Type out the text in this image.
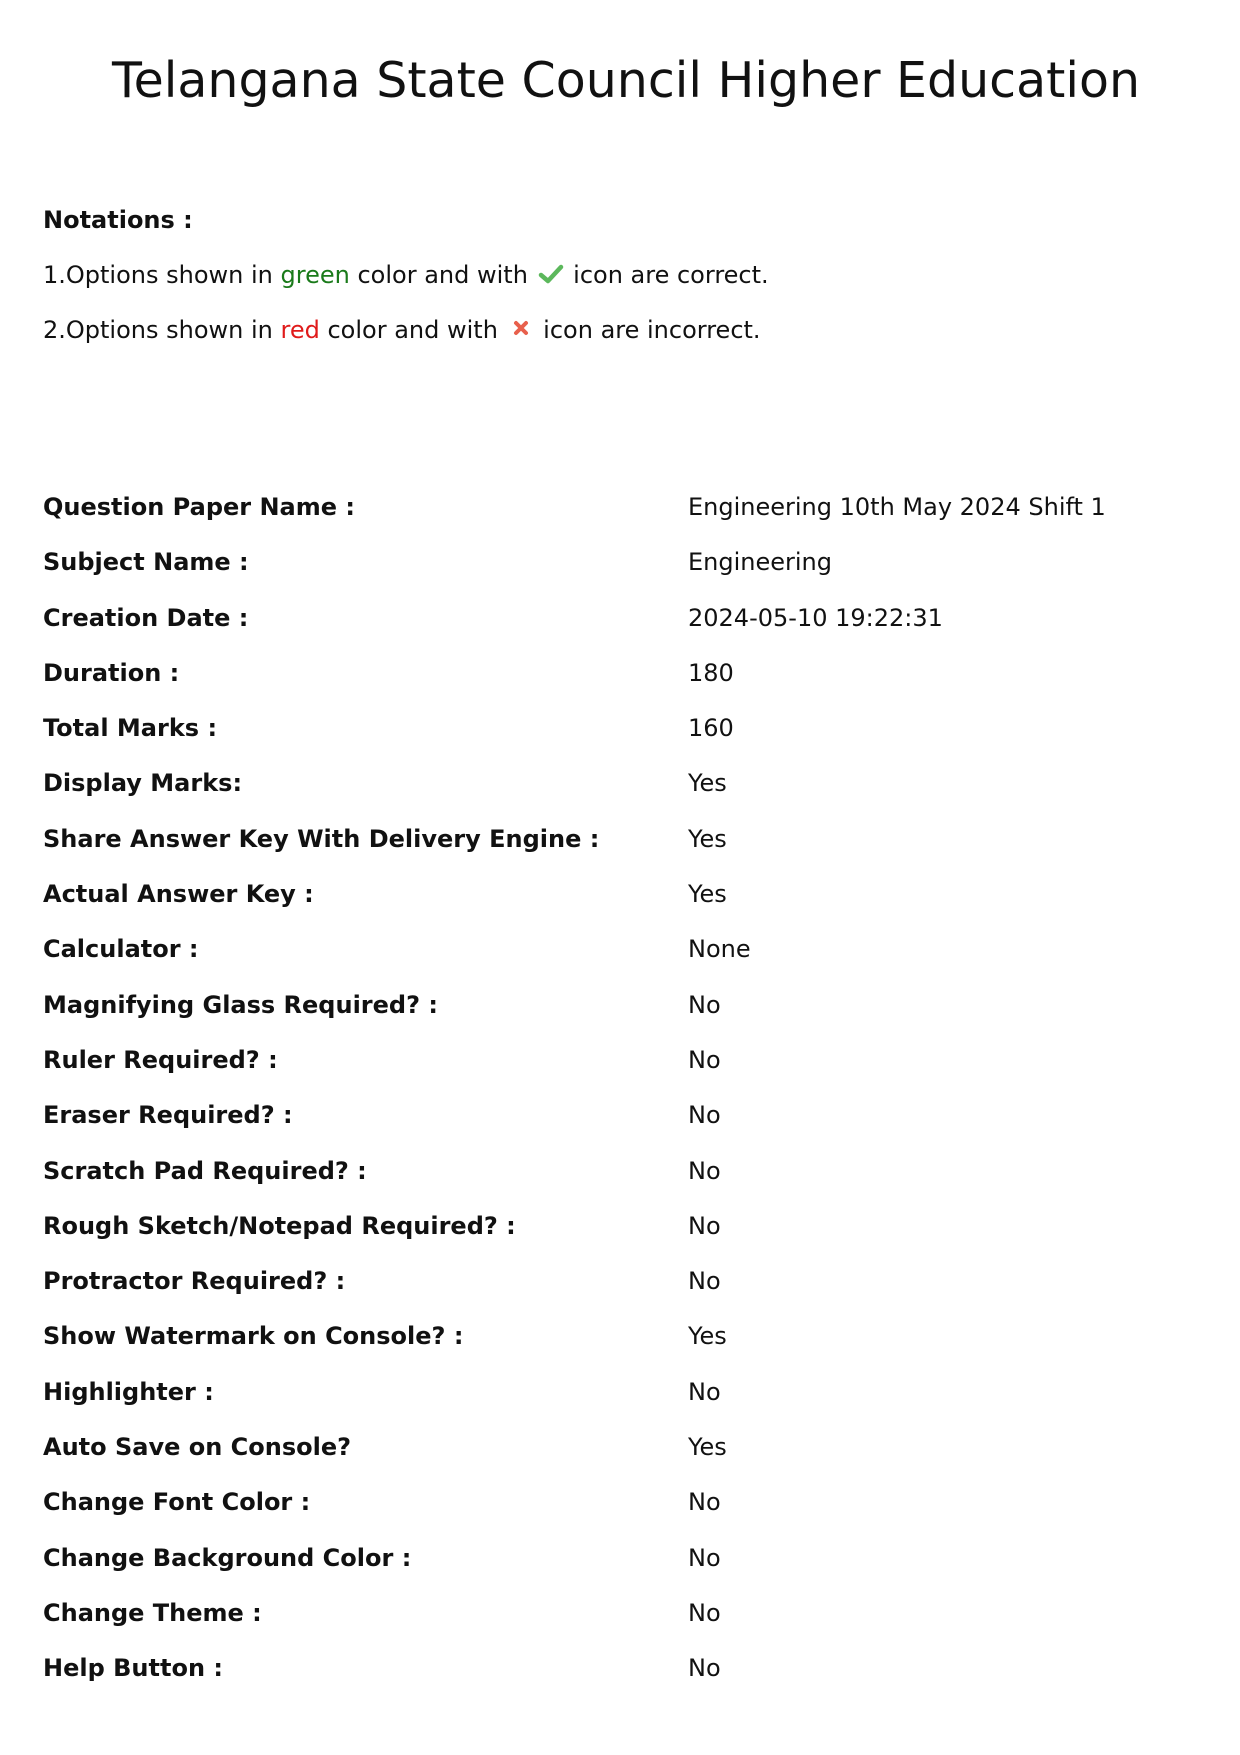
Telangana State Council Higher Education
Notations :
1.Options shown in green color and with  icon are correct.
2.Options shown in red color and with  icon are incorrect.
Question Paper Name :	Engineering 10th May 2024 Shift 1
Subject Name :	Engineering
Creation Date :	2024-05-10 19:22:31
Duration :	180
Total Marks :	160
Display Marks:	Yes
Share Answer Key With Delivery Engine :	Yes
Actual Answer Key :	Yes
Calculator :	None
Magnifying Glass Required? :	No
Ruler Required? :	No
Eraser Required? :	No
Scratch Pad Required? :	No
Rough Sketch/Notepad Required? :	No
Protractor Required? :	No
Show Watermark on Console? :	Yes
Highlighter :	No
Auto Save on Console?	Yes
Change Font Color :	No
Change Background Color :	No
Change Theme :	No
Help Button :	No
